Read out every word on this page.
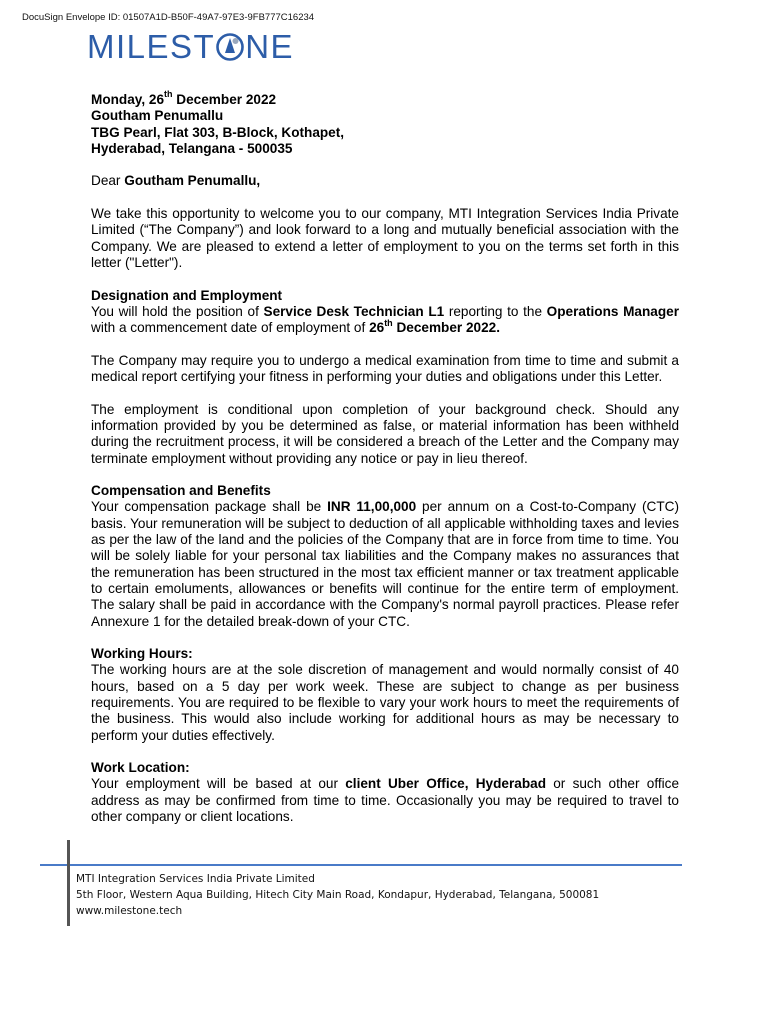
DocuSign Envelope ID: 01507A1D-B50F-49A7-97E3-9FB777C16234
MILEST NE

Monday, 26th December 2022

Goutham Penumallu

TBG Pearl, Flat 303, B-Block, Kothapet,

Hyderabad, Telangana - 500035

Dear Goutham Penumallu,

We take this opportunity to welcome you to our company, MTI Integration Services India Private Limited (“The Company”) and look forward to a long and mutually beneficial association with the Company. We are pleased to extend a letter of employment to you on the terms set forth in this letter ("Letter").

Designation and Employment

You will hold the position of Service Desk Technician L1 reporting to the Operations Manager with a commencement date of employment of 26th December 2022.

The Company may require you to undergo a medical examination from time to time and submit a medical report certifying your fitness in performing your duties and obligations under this Letter.

The employment is conditional upon completion of your background check. Should any information provided by you be determined as false, or material information has been withheld during the recruitment process, it will be considered a breach of the Letter and the Company may terminate employment without providing any notice or pay in lieu thereof.

Compensation and Benefits

Your compensation package shall be INR 11,00,000 per annum on a Cost-to-Company (CTC) basis. Your remuneration will be subject to deduction of all applicable withholding taxes and levies as per the law of the land and the policies of the Company that are in force from time to time. You will be solely liable for your personal tax liabilities and the Company makes no assurances that the remuneration has been structured in the most tax efficient manner or tax treatment applicable to certain emoluments, allowances or benefits will continue for the entire term of employment. The salary shall be paid in accordance with the Company's normal payroll practices. Please refer Annexure 1 for the detailed break-down of your CTC.

Working Hours:

The working hours are at the sole discretion of management and would normally consist of 40 hours, based on a 5 day per work week. These are subject to change as per business requirements. You are required to be flexible to vary your work hours to meet the requirements of the business. This would also include working for additional hours as may be necessary to perform your duties effectively.

Work Location:

Your employment will be based at our client Uber Office, Hyderabad or such other office address as may be confirmed from time to time. Occasionally you may be required to travel to other company or client locations.

MTI Integration Services India Private Limited
5th Floor, Western Aqua Building, Hitech City Main Road, Kondapur, Hyderabad, Telangana, 500081
www.milestone.tech
